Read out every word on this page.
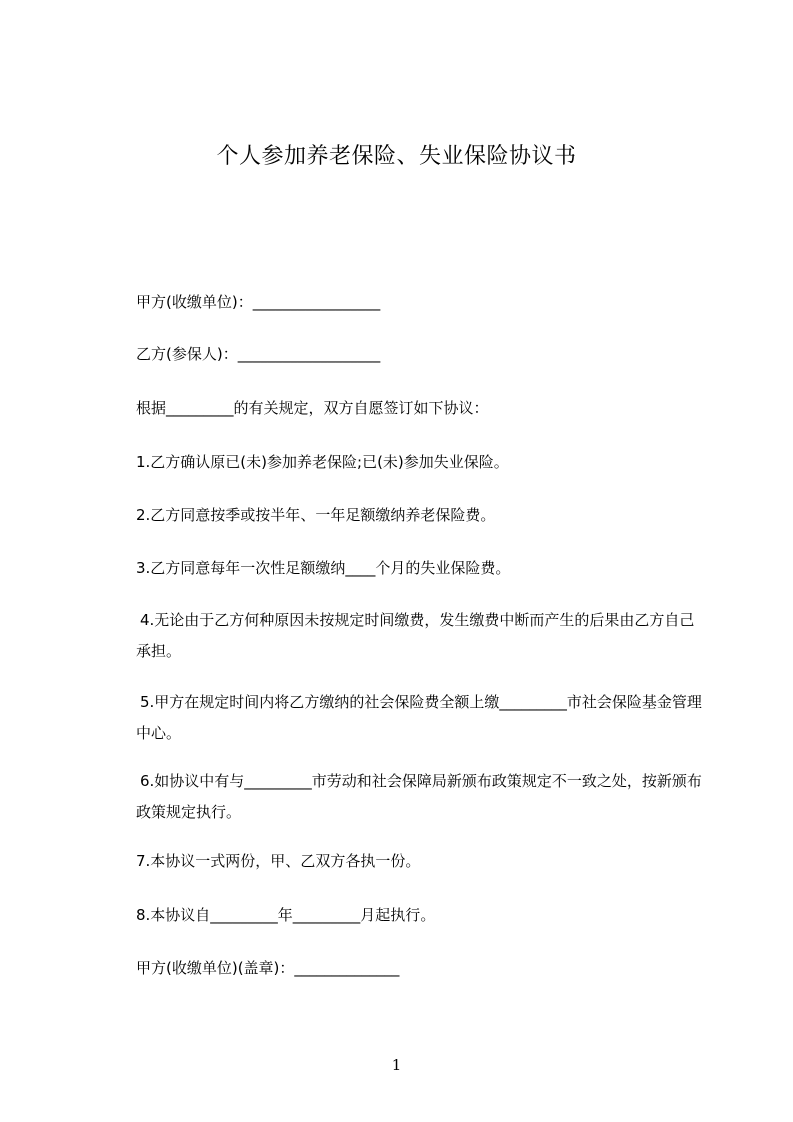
个人参加养老保险、失业保险协议书
甲方(收缴单位)：_________________
乙方(参保人)：___________________
根据_________的有关规定，双方自愿签订如下协议：
1.乙方确认原已(未)参加养老保险;已(未)参加失业保险。
2.乙方同意按季或按半年、一年足额缴纳养老保险费。
3.乙方同意每年一次性足额缴纳____个月的失业保险费。
4.无论由于乙方何种原因未按规定时间缴费，发生缴费中断而产生的后果由乙方自己承担。
5.甲方在规定时间内将乙方缴纳的社会保险费全额上缴_________市社会保险基金管理中心。
6.如协议中有与_________市劳动和社会保障局新颁布政策规定不一致之处，按新颁布政策规定执行。
7.本协议一式两份，甲、乙双方各执一份。
8.本协议自_________年_________月起执行。
甲方(收缴单位)(盖章)：______________
1
